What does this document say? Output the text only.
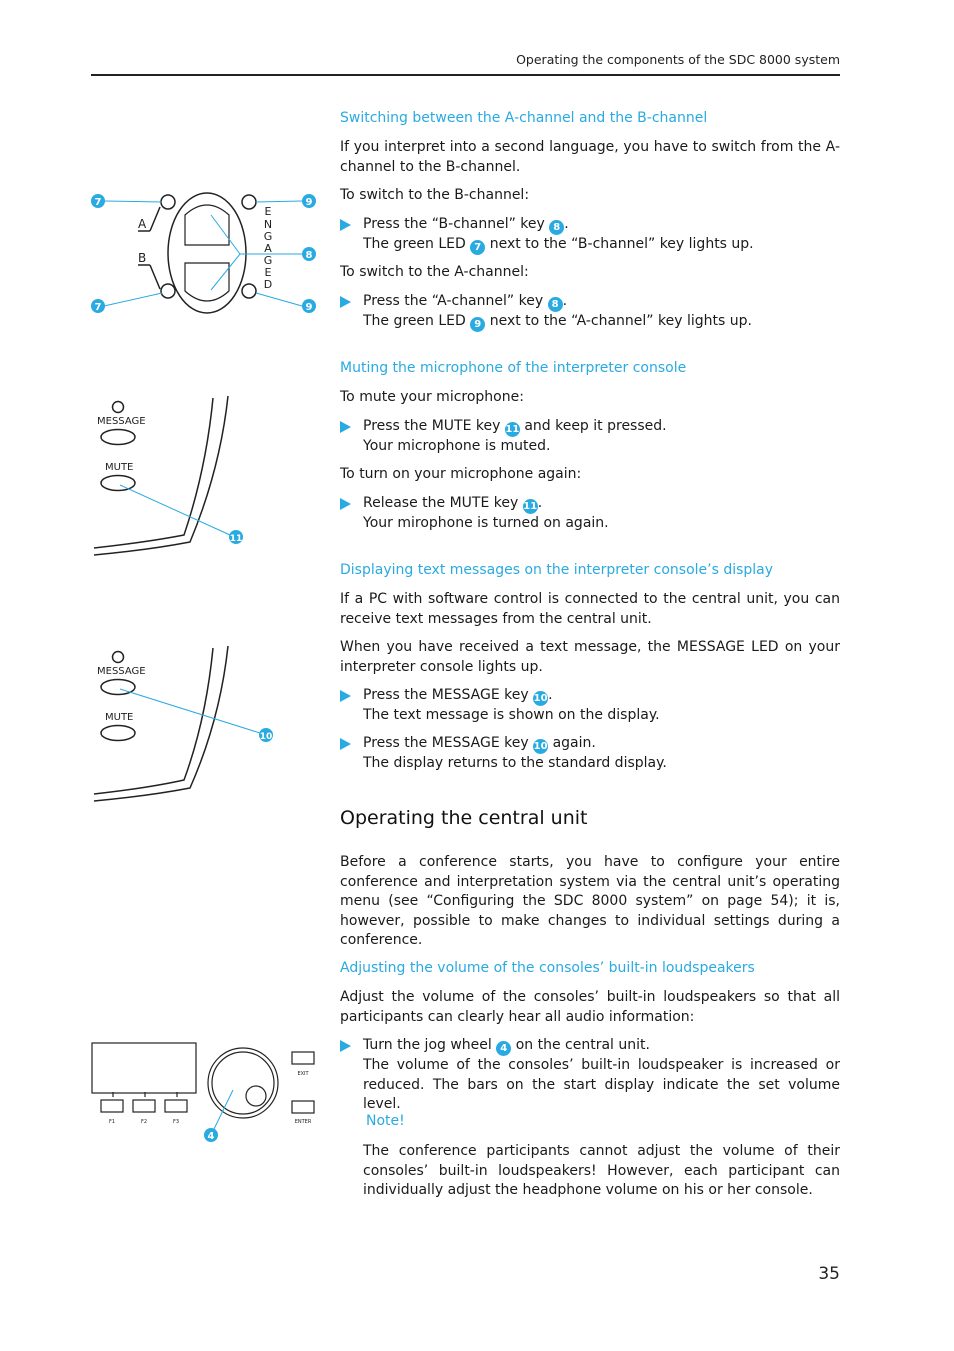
Operating the components of the SDC 8000 system
Switching between the A-channel and the B-channel

If you interpret into a second language, you have to switch from the A-channel to the B-channel.

To switch to the B-channel:

Press the “B-channel” key 8 .
The green LED 7 next to the “B-channel” key lights up.

To switch to the A-channel:

Press the “A-channel” key 8 .
The green LED 9 next to the “A-channel” key lights up.
Muting the microphone of the interpreter console

To mute your microphone:

Press the MUTE key 11 and keep it pressed.
Your microphone is muted.

To turn on your microphone again:

Release the MUTE key 11.
Your mirophone is turned on again.
Displaying text messages on the interpreter console’s display

If a PC with software control is connected to the central unit, you can receive text messages from the central unit.

When you have received a text message, the MESSAGE LED on your interpreter console lights up.

Press the MESSAGE key 10.
The text message is shown on the display.
Press the MESSAGE key 10 again.
The display returns to the standard display.
Operating the central unit

Before a conference starts, you have to configure your entire conference and interpretation system via the central unit’s operating menu (see “Configuring the SDC 8000 system” on page 54); it is, however, possible to make changes to individual settings during a conference.

Adjusting the volume of the consoles’ built-in loudspeakers

Adjust the volume of the consoles’ built-in loudspeakers so that all participants can clearly hear all audio information:

Turn the jog wheel 4 on the central unit.
The volume of the consoles’ built-in loudspeaker is increased or reduced. The bars on the start display indicate the set volume level.
Note!

The conference participants cannot adjust the volume of their consoles’ built-in loudspeakers! However, each participant can individually adjust the headphone volume on his or her console.

35
A
B
E
N
G
A
G
E
D
7	9
8
7	9
MESSAGE
MUTE
11
MESSAGE
MUTE
10
F1	F2	F3
EXIT
ENTER
4
